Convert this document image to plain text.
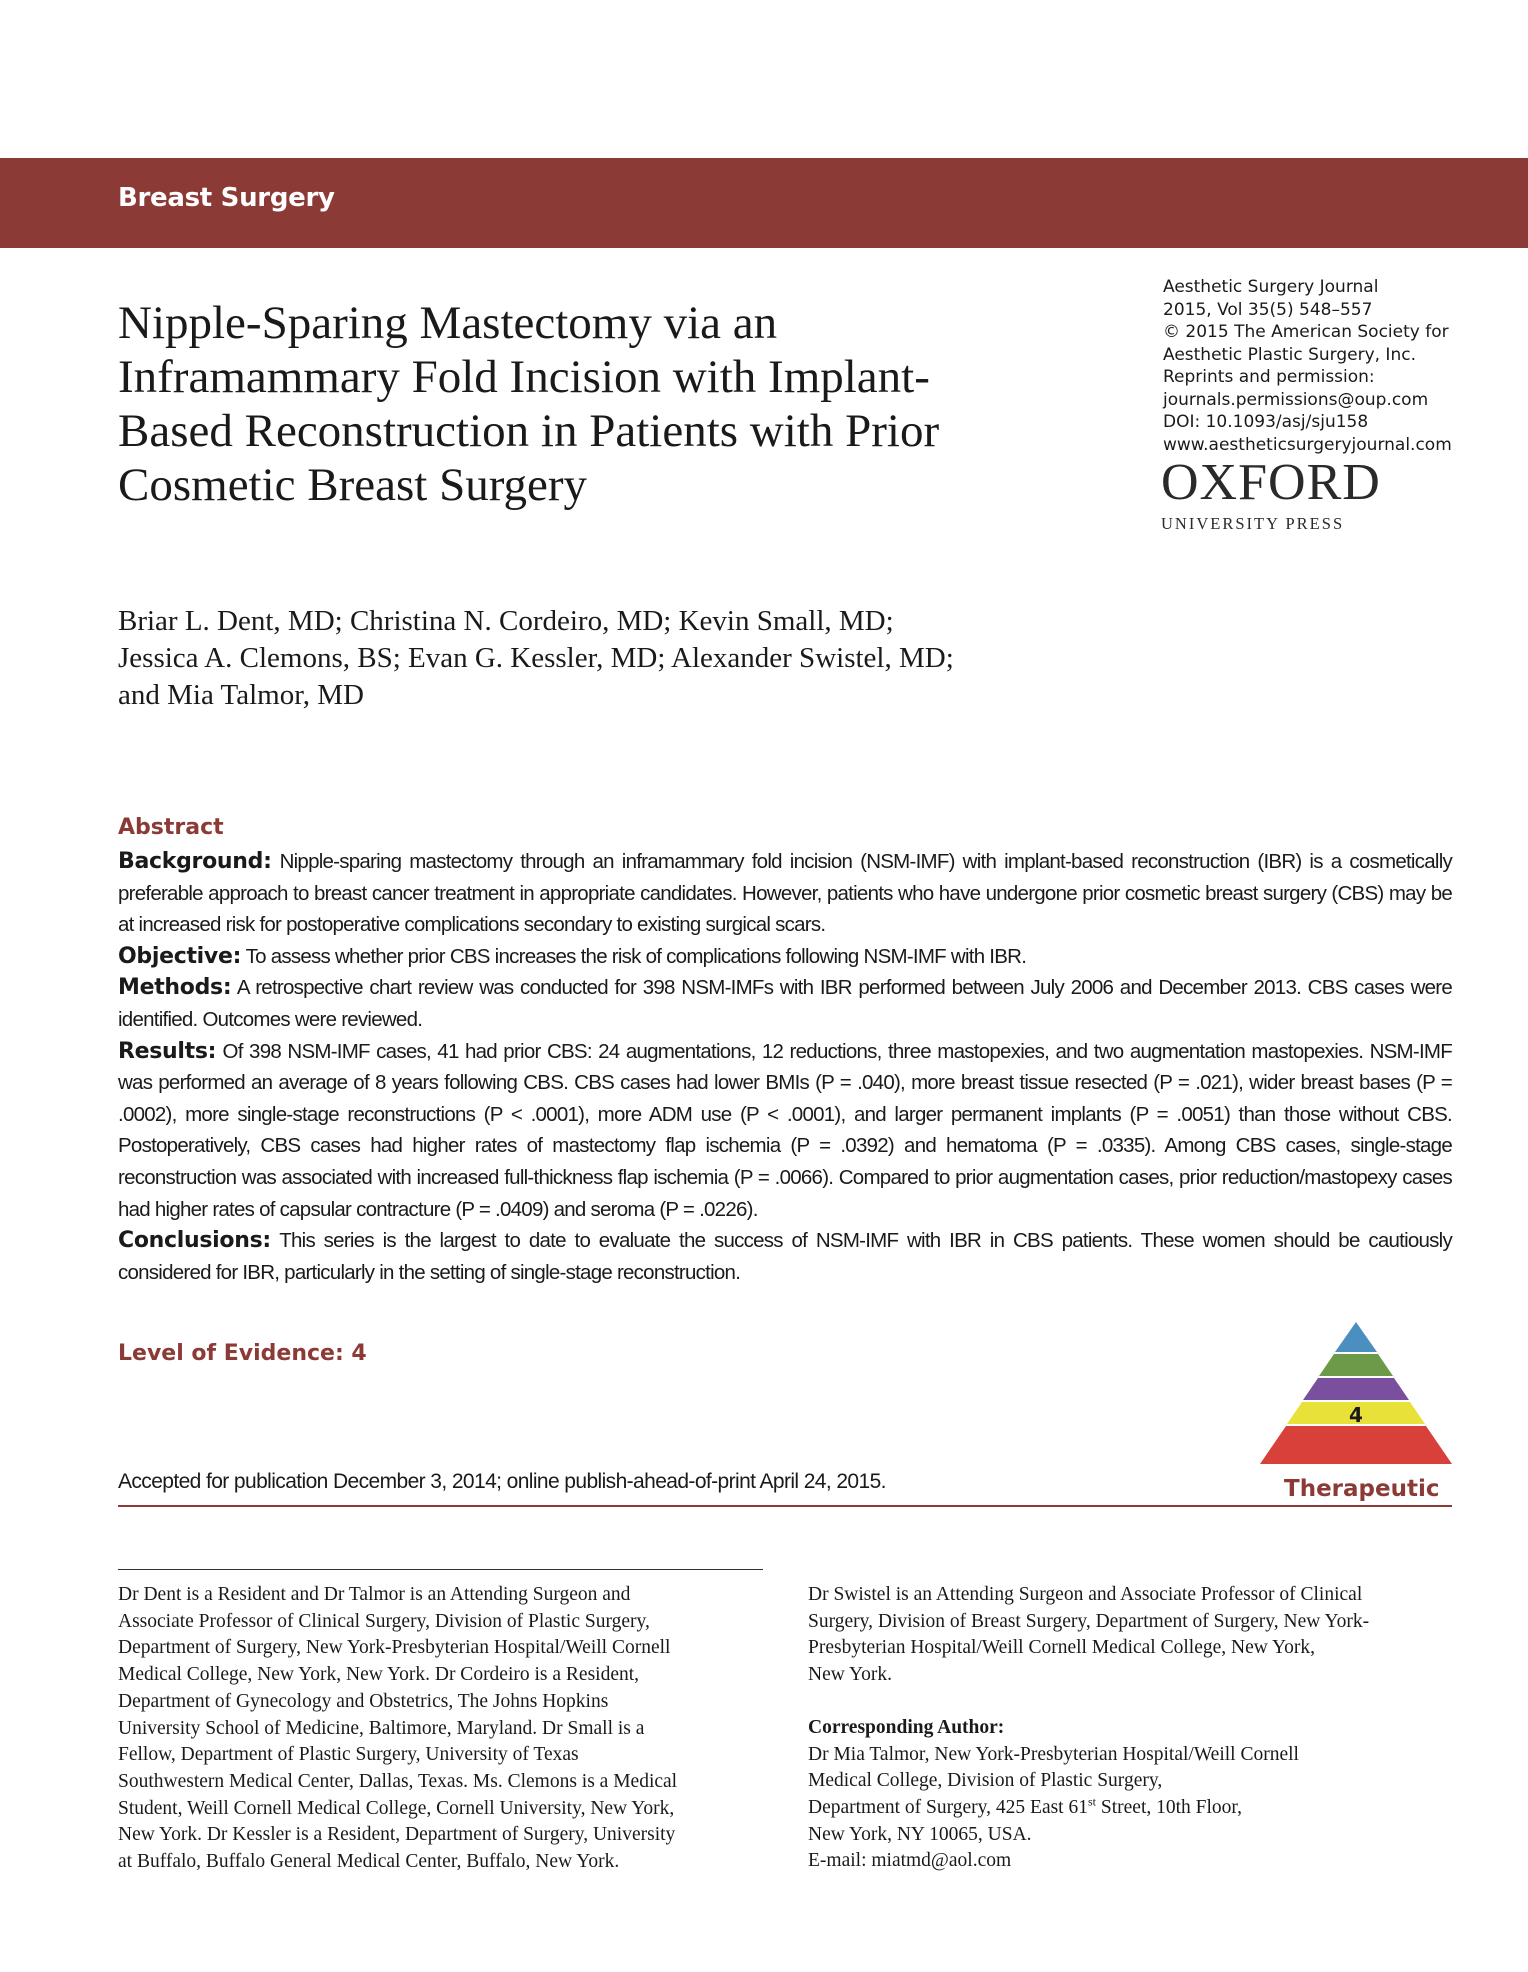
Breast Surgery
Aesthetic Surgery Journal
2015, Vol 35(5) 548–557
© 2015 The American Society for
Aesthetic Plastic Surgery, Inc.
Reprints and permission:
journals.permissions@oup.com
DOI: 10.1093/asj/sju158
www.aestheticsurgeryjournal.com
OXFORD
UNIVERSITY PRESS
Nipple-Sparing Mastectomy via an
Inframammary Fold Incision with Implant-
Based Reconstruction in Patients with Prior
Cosmetic Breast Surgery
Briar L. Dent, MD; Christina N. Cordeiro, MD; Kevin Small, MD;
Jessica A. Clemons, BS; Evan G. Kessler, MD; Alexander Swistel, MD;
and Mia Talmor, MD
Abstract

Background: Nipple-sparing mastectomy through an inframammary fold incision (NSM-IMF) with implant-based reconstruction (IBR) is a cosmetically preferable approach to breast cancer treatment in appropriate candidates. However, patients who have undergone prior cosmetic breast surgery (CBS) may be at increased risk for postoperative complications secondary to existing surgical scars.

Objective: To assess whether prior CBS increases the risk of complications following NSM-IMF with IBR.

Methods: A retrospective chart review was conducted for 398 NSM-IMFs with IBR performed between July 2006 and December 2013. CBS cases were identified. Outcomes were reviewed.

Results: Of 398 NSM-IMF cases, 41 had prior CBS: 24 augmentations, 12 reductions, three mastopexies, and two augmentation mastopexies. NSM-IMF was performed an average of 8 years following CBS. CBS cases had lower BMIs (P = .040), more breast tissue resected (P = .021), wider breast bases (P = .0002), more single-stage reconstructions (P < .0001), more ADM use (P < .0001), and larger permanent implants (P = .0051) than those without CBS. Postoperatively, CBS cases had higher rates of mastectomy flap ischemia (P = .0392) and hematoma (P = .0335). Among CBS cases, single-stage reconstruction was associated with increased full-thickness flap ischemia (P = .0066). Compared to prior augmentation cases, prior reduction/mastopexy cases had higher rates of capsular contracture (P = .0409) and seroma (P = .0226).

Conclusions: This series is the largest to date to evaluate the success of NSM-IMF with IBR in CBS patients. These women should be cautiously considered for IBR, particularly in the setting of single-stage reconstruction.

Level of Evidence: 4
4
Therapeutic
Accepted for publication December 3, 2014; online publish-ahead-of-print April 24, 2015.
Dr Dent is a Resident and Dr Talmor is an Attending Surgeon and
Associate Professor of Clinical Surgery, Division of Plastic Surgery,
Department of Surgery, New York-Presbyterian Hospital/Weill Cornell
Medical College, New York, New York. Dr Cordeiro is a Resident,
Department of Gynecology and Obstetrics, The Johns Hopkins
University School of Medicine, Baltimore, Maryland. Dr Small is a
Fellow, Department of Plastic Surgery, University of Texas
Southwestern Medical Center, Dallas, Texas. Ms. Clemons is a Medical
Student, Weill Cornell Medical College, Cornell University, New York,
New York. Dr Kessler is a Resident, Department of Surgery, University
at Buffalo, Buffalo General Medical Center, Buffalo, New York.
Dr Swistel is an Attending Surgeon and Associate Professor of Clinical
Surgery, Division of Breast Surgery, Department of Surgery, New York-
Presbyterian Hospital/Weill Cornell Medical College, New York,
New York.
Corresponding Author:
Dr Mia Talmor, New York-Presbyterian Hospital/Weill Cornell
Medical College, Division of Plastic Surgery,
Department of Surgery, 425 East 61st Street, 10th Floor,
New York, NY 10065, USA.
E-mail: miatmd@aol.com
